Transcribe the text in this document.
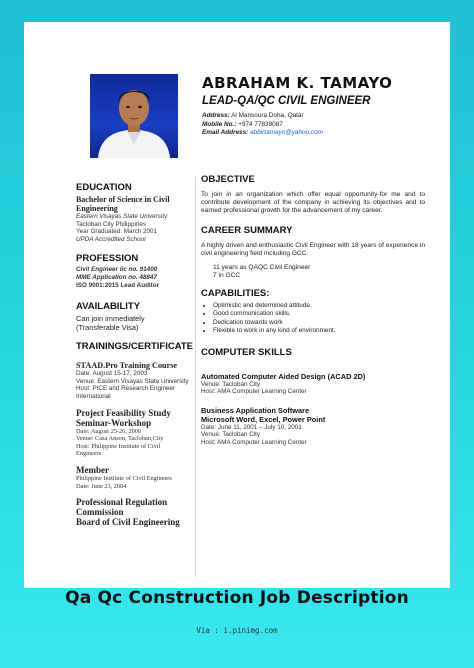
ABRAHAM K. TAMAYO
LEAD-QA/QC CIVIL ENGINEER
Address: Al Mansoura Doha, Qatar
Mobile No.: +974 77839087
Email Address: abbirtamayo@yahoo.com
EDUCATION
Bachelor of Science in Civil
Engineering
Eastern Visayas State University
Tacloban City Philippines
Year Graduated: March 2001
UPDA Accredited School
PROFESSION
Civil Engineer lic no. 91400
MME Application no. 48847
ISO 9001:2015 Lead Auditor
AVAILABILITY
Can join immediately
(Transferable Visa)
TRAININGS/CERTIFICATE
STAAD.Pro Training Course
Date: August 15-17, 2003
Venue: Eastern Visayas State University
Host: PICE and Research Engineer
International
Project Feasibility Study
Seminar-Workshop
Date: August 25-26, 2000
Venue: Casa Anson, Tacloban,City
Host: Philippine Institute of Civil
Engineers
Member
Philippine Institute of Civil Engineers
Date: June 23, 2004
Professional Regulation
Commission
Board of Civil Engineering
OBJECTIVE
To join in an organization which offer equal opportunity-for me and to contribute development of the company in achieving its objectives and to earned professional growth for the advancement of my career.
CAREER SUMMARY
A highly driven and enthusiastic Civil Engineer with 18 years of experience in civil engineering field including GCC.
11 years as QAQC Civil Engineer
7 in GCC
CAPABILITIES:
• Optimistic and determined attitude.
• Good communication skills.
• Dedication towards work
• Flexible to work in any kind of environment.
COMPUTER SKILLS
Automated Computer Aided Design (ACAD 2D)
Venue: Tacloban City
Host: AMA Computer Learning Center
Business Application Software
Microsoft Word, Excel, Power Point
Date: June 11, 2001 – July 10, 2001
Venue: Tacloban City
Host: AMA Computer Learning Center
Qa Qc Construction Job Description
Via : i.pinimg.com
